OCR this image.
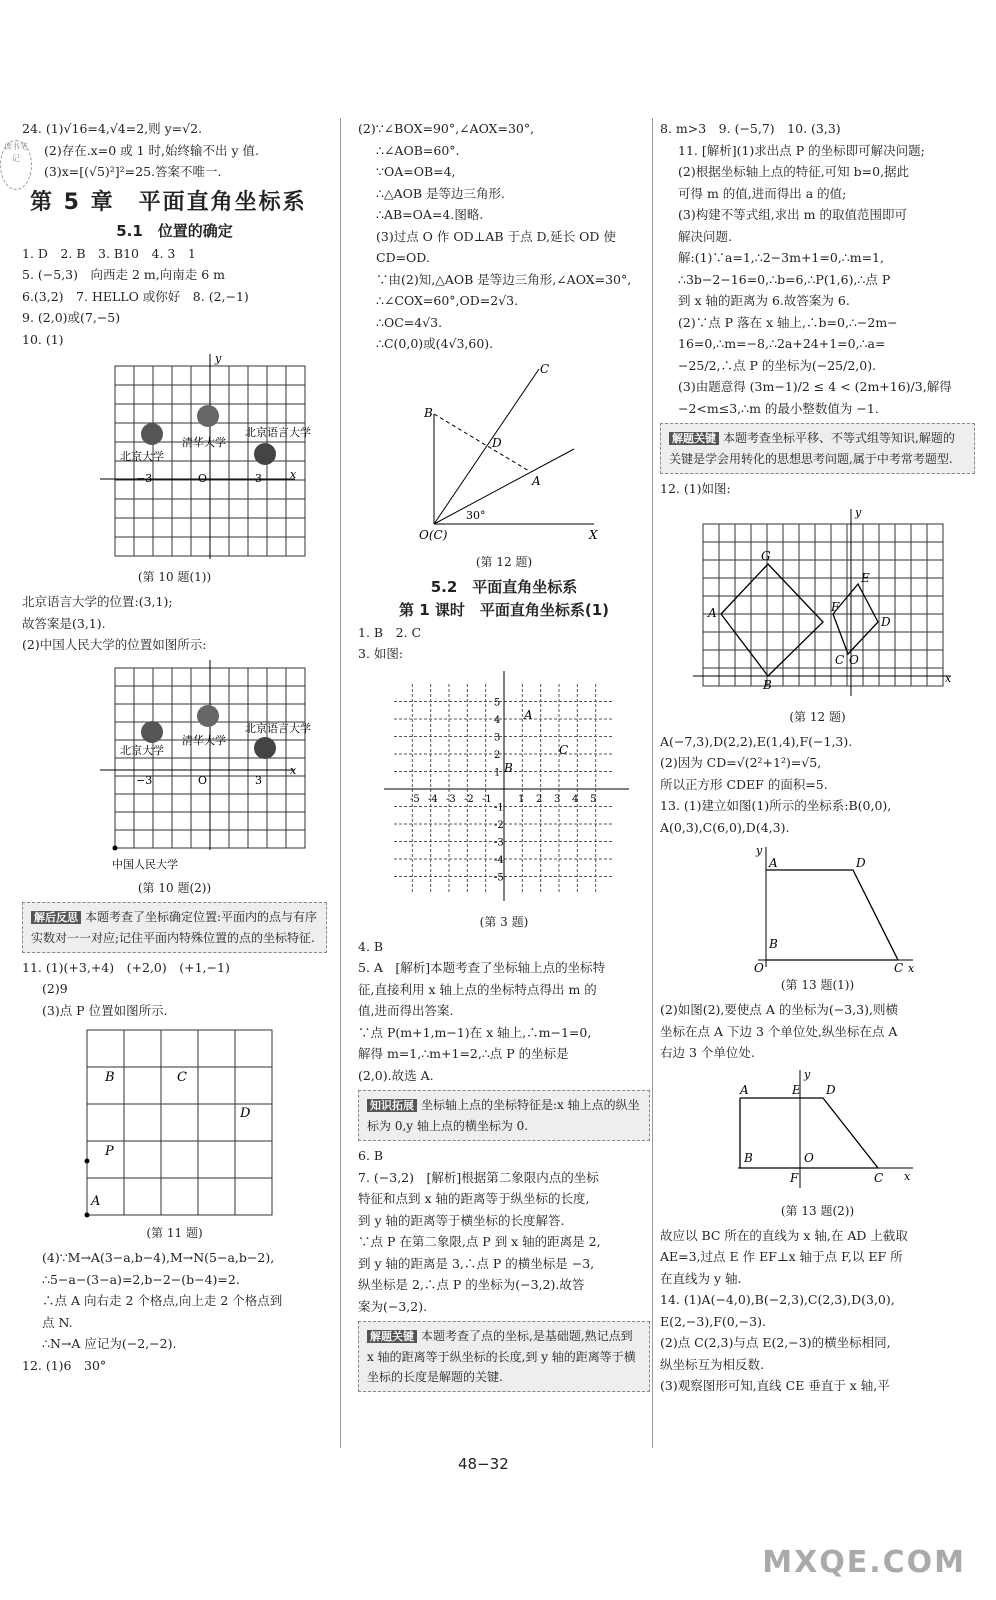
读书笔记
24. (1)√16=4,√4=2,则 y=√2.
(2)存在.x=0 或 1 时,始终输不出 y 值.
(3)x=[(√5)²]²=25.答案不唯一.
第 5 章　平面直角坐标系
5.1　位置的确定
1. D　2. B　3. B10　4. 3　1
5. (−5,3)　向西走 2 m,向南走 6 m
6.(3,2)　7. HELLO 或你好　8. (2,−1)
9. (2,0)或(7,−5)
10. (1)
清华大学
北京语言大学
北京大学
−3	O	3	x
y
(第 10 题(1))
北京语言大学的位置:(3,1);
故答案是(3,1).
(2)中国人民大学的位置如图所示:
清华大学
北京语言大学
北京大学
−3	O	3
x
中国人民大学
(第 10 题(2))
解后反思 本题考查了坐标确定位置:平面内的点与有序实数对一一对应;记住平面内特殊位置的点的坐标特征.
11. (1)(+3,+4)　(+2,0)　(+1,−1)
(2)9
(3)点 P 位置如图所示.
B	C
D
P
A
(第 11 题)
(4)∵M→A(3−a,b−4),M→N(5−a,b−2),
∴5−a−(3−a)=2,b−2−(b−4)=2.
∴点 A 向右走 2 个格点,向上走 2 个格点到
点 N.
∴N→A 应记为(−2,−2).
12. (1)6　30°
(2)∵∠BOX=90°,∠AOX=30°,
∴∠AOB=60°.
∵OA=OB=4,
∴△AOB 是等边三角形.
∴AB=OA=4.图略.
(3)过点 O 作 OD⊥AB 于点 D,延长 OD 使
CD=OD.
∵由(2)知,△AOB 是等边三角形,∠AOX=30°,
∴∠COX=60°,OD=2√3.
∴OC=4√3.
∴C(0,0)或(4√3,60).
C
B
D
A
30°
O(C)	X
(第 12 题)
5.2　平面直角坐标系
第 1 课时　平面直角坐标系(1)
1. B　2. C
3. 如图:
-5
-5
-4
-4
-3
-3
-2
-2
-1
-1
1
1
2
2
3
3
4
4
5
5
A
B
C
(第 3 题)
4. B
5. A　[解析]本题考查了坐标轴上点的坐标特
征,直接利用 x 轴上点的坐标特点得出 m 的
值,进而得出答案.
∵点 P(m+1,m−1)在 x 轴上,∴m−1=0,
解得 m=1,∴m+1=2,∴点 P 的坐标是
(2,0).故选 A.
知识拓展 坐标轴上点的坐标特征是:x 轴上点的纵坐标为 0,y 轴上点的横坐标为 0.
6. B
7. (−3,2)　[解析]根据第二象限内点的坐标
特征和点到 x 轴的距离等于纵坐标的长度,
到 y 轴的距离等于横坐标的长度解答.
∵点 P 在第二象限,点 P 到 x 轴的距离是 2,
到 y 轴的距离是 3,∴点 P 的横坐标是 −3,
纵坐标是 2,∴点 P 的坐标为(−3,2).故答
案为(−3,2).
解题关键 本题考查了点的坐标,是基础题,熟记点到 x 轴的距离等于纵坐标的长度,到 y 轴的距离等于横坐标的长度是解题的关键.
8. m>3　9. (−5,7)　10. (3,3)
11. [解析](1)求出点 P 的坐标即可解决问题;
(2)根据坐标轴上点的特征,可知 b=0,据此
可得 m 的值,进而得出 a 的值;
(3)构建不等式组,求出 m 的取值范围即可
解决问题.
解:(1)∵a=1,∴2−3m+1=0,∴m=1,
∴3b−2−16=0,∴b=6,∴P(1,6),∴点 P
到 x 轴的距离为 6.故答案为 6.
(2)∵点 P 落在 x 轴上,∴b=0,∴−2m−
16=0,∴m=−8,∴2a+24+1=0,∴a=
−25/2,∴点 P 的坐标为(−25/2,0).
(3)由题意得 (3m−1)/2 ≤ 4 < (2m+16)/3,解得
−2<m≤3,∴m 的最小整数值为 −1.
解题关键 本题考查坐标平移、不等式组等知识,解题的关键是学会用转化的思想思考问题,属于中考常考题型.
12. (1)如图:
A
G
F
E
D
C O
B	x
y
(第 12 题)
A(−7,3),D(2,2),E(1,4),F(−1,3).
(2)因为 CD=√(2²+1²)=√5,
所以正方形 CDEF 的面积=5.
13. (1)建立如图(1)所示的坐标系:B(0,0),
A(0,3),C(6,0),D(4,3).
A	D
B
C
O	x
y
(第 13 题(1))
(2)如图(2),要使点 A 的坐标为(−3,3),则横
坐标在点 A 下边 3 个单位处,纵坐标在点 A
右边 3 个单位处.
A	E D
B	O
F	C x
y
(第 13 题(2))
故应以 BC 所在的直线为 x 轴,在 AD 上截取
AE=3,过点 E 作 EF⊥x 轴于点 F,以 EF 所
在直线为 y 轴.
14. (1)A(−4,0),B(−2,3),C(2,3),D(3,0),
E(2,−3),F(0,−3).
(2)点 C(2,3)与点 E(2,−3)的横坐标相同,
纵坐标互为相反数.
(3)观察图形可知,直线 CE 垂直于 x 轴,平
48−32
MXQE.COM
